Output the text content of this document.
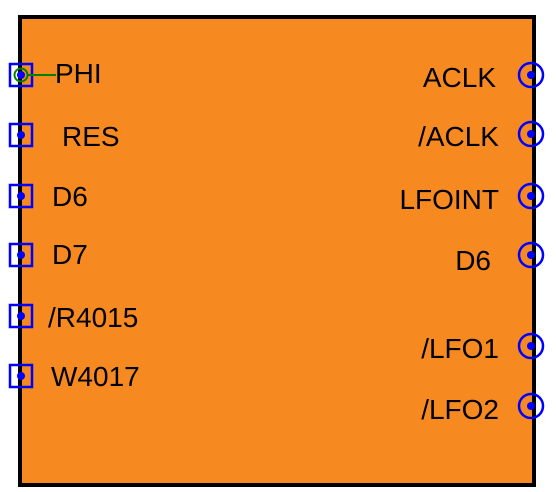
PHI
RES
D6
D7
/R4015
W4017
ACLK
/ACLK
LFOINT
D6
/LFO1
/LFO2
